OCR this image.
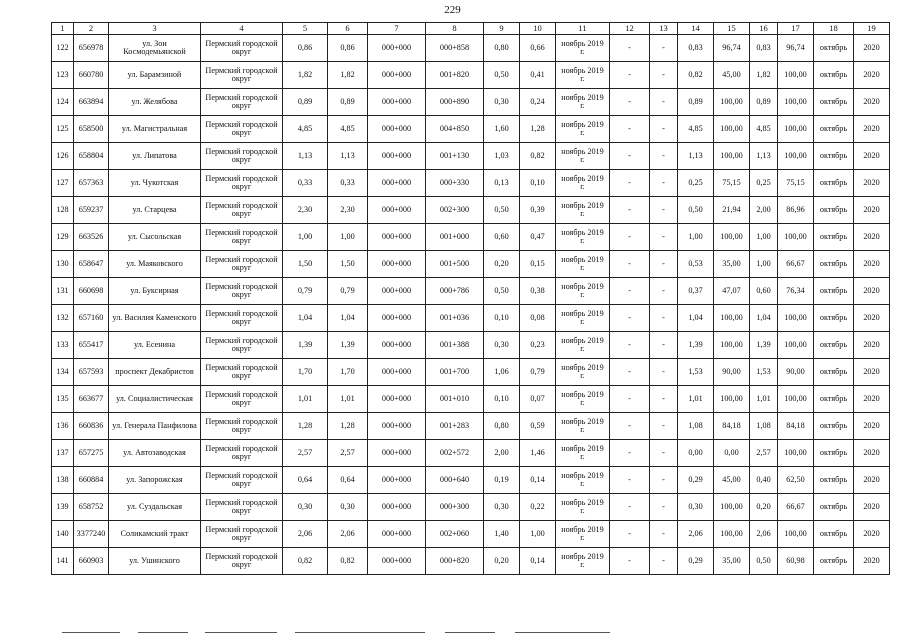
229
1	2	3	4	5	6	7	8	9	10	11	12	13	14	15	16	17	18	19
122	656978	ул. Зои Космодемьянской	Пермский городской округ	0,86	0,86	000+000	000+858	0,80	0,66	ноябрь 2019 г.	-	-	0,83	96,74	0,83	96,74	октябрь	2020
123	660780	ул. Барамзиной	Пермский городской округ	1,82	1,82	000+000	001+820	0,50	0,41	ноябрь 2019 г.	-	-	0,82	45,00	1,82	100,00	октябрь	2020
124	663894	ул. Желябова	Пермский городской округ	0,89	0,89	000+000	000+890	0,30	0,24	ноябрь 2019 г.	-	-	0,89	100,00	0,89	100,00	октябрь	2020
125	658500	ул. Магистральная	Пермский городской округ	4,85	4,85	000+000	004+850	1,60	1,28	ноябрь 2019 г.	-	-	4,85	100,00	4,85	100,00	октябрь	2020
126	658804	ул. Липатова	Пермский городской округ	1,13	1,13	000+000	001+130	1,03	0,82	ноябрь 2019 г.	-	-	1,13	100,00	1,13	100,00	октябрь	2020
127	657363	ул. Чукотская	Пермский городской округ	0,33	0,33	000+000	000+330	0,13	0,10	ноябрь 2019 г.	-	-	0,25	75,15	0,25	75,15	октябрь	2020
128	659237	ул. Старцева	Пермский городской округ	2,30	2,30	000+000	002+300	0,50	0,39	ноябрь 2019 г.	-	-	0,50	21,94	2,00	86,96	октябрь	2020
129	663526	ул. Сысольская	Пермский городской округ	1,00	1,00	000+000	001+000	0,60	0,47	ноябрь 2019 г.	-	-	1,00	100,00	1,00	100,00	октябрь	2020
130	658647	ул. Маяковского	Пермский городской округ	1,50	1,50	000+000	001+500	0,20	0,15	ноябрь 2019 г.	-	-	0,53	35,00	1,00	66,67	октябрь	2020
131	660698	ул. Буксирная	Пермский городской округ	0,79	0,79	000+000	000+786	0,50	0,38	ноябрь 2019 г.	-	-	0,37	47,07	0,60	76,34	октябрь	2020
132	657160	ул. Василия Каменского	Пермский городской округ	1,04	1,04	000+000	001+036	0,10	0,08	ноябрь 2019 г.	-	-	1,04	100,00	1,04	100,00	октябрь	2020
133	655417	ул. Есенина	Пермский городской округ	1,39	1,39	000+000	001+388	0,30	0,23	ноябрь 2019 г.	-	-	1,39	100,00	1,39	100,00	октябрь	2020
134	657593	проспект Декабристов	Пермский городской округ	1,70	1,70	000+000	001+700	1,06	0,79	ноябрь 2019 г.	-	-	1,53	90,00	1,53	90,00	октябрь	2020
135	663677	ул. Социалистическая	Пермский городской округ	1,01	1,01	000+000	001+010	0,10	0,07	ноябрь 2019 г.	-	-	1,01	100,00	1,01	100,00	октябрь	2020
136	660836	ул. Генерала Панфилова	Пермский городской округ	1,28	1,28	000+000	001+283	0,80	0,59	ноябрь 2019 г.	-	-	1,08	84,18	1,08	84,18	октябрь	2020
137	657275	ул. Автозаводская	Пермский городской округ	2,57	2,57	000+000	002+572	2,00	1,46	ноябрь 2019 г.	-	-	0,00	0,00	2,57	100,00	октябрь	2020
138	660884	ул. Запорожская	Пермский городской округ	0,64	0,64	000+000	000+640	0,19	0,14	ноябрь 2019 г.	-	-	0,29	45,00	0,40	62,50	октябрь	2020
139	658752	ул. Суздальская	Пермский городской округ	0,30	0,30	000+000	000+300	0,30	0,22	ноябрь 2019 г.	-	-	0,30	100,00	0,20	66,67	октябрь	2020
140	3377240	Соликамский тракт	Пермский городской округ	2,06	2,06	000+000	002+060	1,40	1,00	ноябрь 2019 г.	-	-	2,06	100,00	2,06	100,00	октябрь	2020
141	660903	ул. Ушинского	Пермский городской округ	0,82	0,82	000+000	000+820	0,20	0,14	ноябрь 2019 г.	-	-	0,29	35,00	0,50	60,98	октябрь	2020
